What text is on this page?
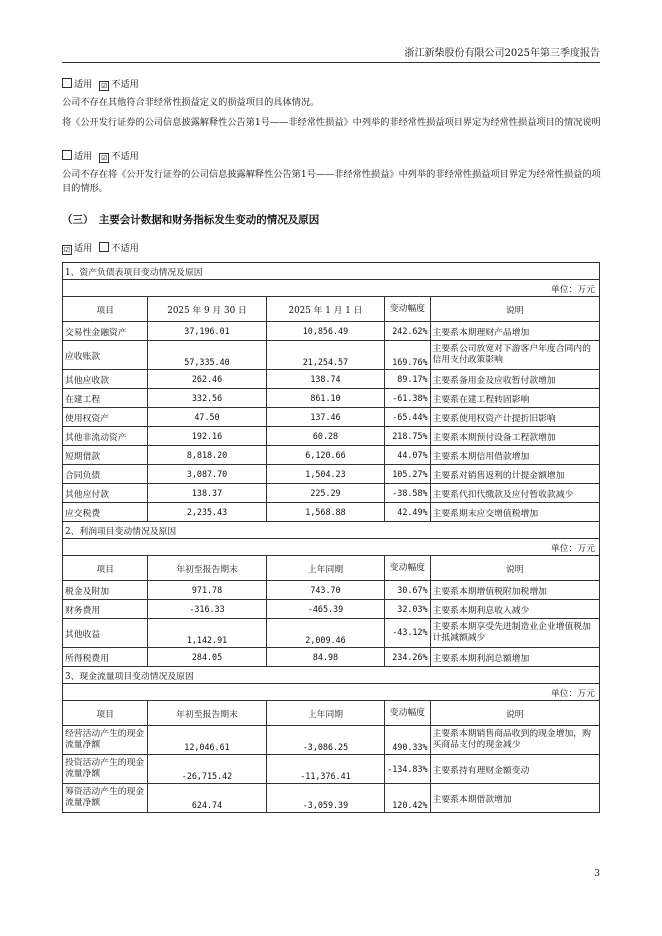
浙江新柴股份有限公司2025年第三季度报告
适用 ☑ 不适用
公司不存在其他符合非经常性损益定义的损益项目的具体情况。
将《公开发行证券的公司信息披露解释性公告第1号——非经常性损益》中列举的非经常性损益项目界定为经常性损益项目的情况说明
适用 ☑ 不适用
公司不存在将《公开发行证券的公司信息披露解释性公告第1号——非经常性损益》中列举的非经常性损益项目界定为经常性损益的项目的情形。
（三）　主要会计数据和财务指标发生变动的情况及原因
☑ 适用 不适用
1、资产负债表项目变动情况及原因				
单位：万元				
项目	2025 年 9 月 30 日	2025 年 1 月 1 日	变动幅度	说明
交易性金融资产	37,196.01	10,856.49	242.62%	主要系本期理财产品增加
应收账款	57,335.40	21,254.57	169.76%	主要系公司放宽对下游客户年度合同内的信用支付政策影响
其他应收款	262.46	138.74	89.17%	主要系备用金及应收暂付款增加
在建工程	332.56	861.10	-61.38%	主要系在建工程转固影响
使用权资产	47.50	137.46	-65.44%	主要系使用权资产计提折旧影响
其他非流动资产	192.16	60.28	218.75%	主要系本期预付设备工程款增加
短期借款	8,818.20	6,120.66	44.07%	主要系本期信用借款增加
合同负债	3,087.70	1,504.23	105.27%	主要系对销售返利的计提金额增加
其他应付款	138.37	225.29	-38.58%	主要系代扣代缴款及应付暂收款减少
应交税费	2,235.43	1,568.88	42.49%	主要系期末应交增值税增加
2、利润项目变动情况及原因				
单位：万元				
项目	年初至报告期末	上年同期	变动幅度	说明
税金及附加	971.78	743.70	30.67%	主要系本期增值税附加税增加
财务费用	-316.33	-465.39	32.03%	主要系本期利息收入减少
其他收益	1,142.91	2,009.46	-43.12%	主要系本期享受先进制造业企业增值税加计抵减额减少
所得税费用	284.05	84.98	234.26%	主要系本期利润总额增加
3、现金流量项目变动情况及原因				
单位：万元				
项目	年初至报告期末	上年同期	变动幅度	说明
经营活动产生的现金流量净额	12,046.61	-3,086.25	490.33%	主要系本期销售商品收到的现金增加，购买商品支付的现金减少
投资活动产生的现金流量净额	-26,715.42	-11,376.41	-134.83%	主要系持有理财金额变动
筹资活动产生的现金流量净额	624.74	-3,059.39	120.42%	主要系本期借款增加
3
